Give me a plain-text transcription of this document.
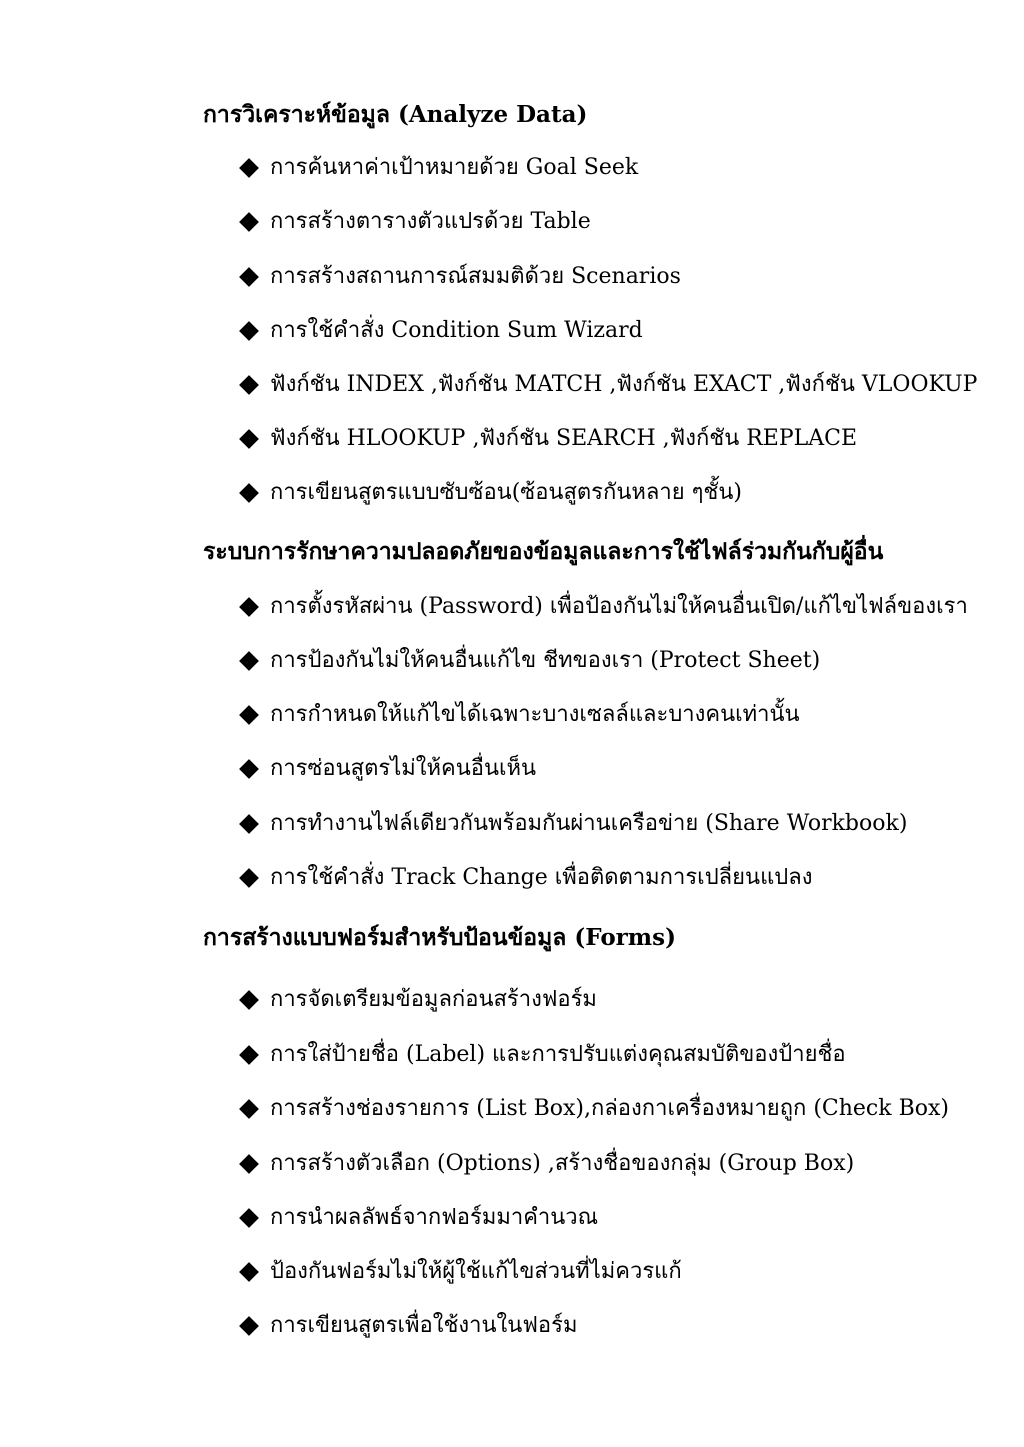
การวิเคราะห์ข้อมูล (Analyze Data)
การค้นหาค่าเป้าหมายด้วย Goal Seek
การสร้างตารางตัวแปรด้วย Table
การสร้างสถานการณ์สมมติด้วย Scenarios
การใช้คำสั่ง Condition Sum Wizard
ฟังก์ชัน INDEX ,ฟังก์ชัน MATCH ,ฟังก์ชัน EXACT ,ฟังก์ชัน VLOOKUP
ฟังก์ชัน HLOOKUP ,ฟังก์ชัน SEARCH ,ฟังก์ชัน REPLACE
การเขียนสูตรแบบซับซ้อน(ซ้อนสูตรกันหลาย ๆชั้น)
ระบบการรักษาความปลอดภัยของข้อมูลและการใช้ไฟล์ร่วมกันกับผู้อื่น
การตั้งรหัสผ่าน (Password) เพื่อป้องกันไม่ให้คนอื่นเปิด/แก้ไขไฟล์ของเรา
การป้องกันไม่ให้คนอื่นแก้ไข ชีทของเรา (Protect Sheet)
การกำหนดให้แก้ไขได้เฉพาะบางเซลล์และบางคนเท่านั้น
การซ่อนสูตรไม่ให้คนอื่นเห็น
การทำงานไฟล์เดียวกันพร้อมกันผ่านเครือข่าย (Share Workbook)
การใช้คำสั่ง Track Change เพื่อติดตามการเปลี่ยนแปลง
การสร้างแบบฟอร์มสำหรับป้อนข้อมูล (Forms)
การจัดเตรียมข้อมูลก่อนสร้างฟอร์ม
การใส่ป้ายชื่อ (Label) และการปรับแต่งคุณสมบัติของป้ายชื่อ
การสร้างช่องรายการ (List Box),กล่องกาเครื่องหมายถูก (Check Box)
การสร้างตัวเลือก (Options) ,สร้างชื่อของกลุ่ม (Group Box)
การนำผลลัพธ์จากฟอร์มมาคำนวณ
ป้องกันฟอร์มไม่ให้ผู้ใช้แก้ไขส่วนที่ไม่ควรแก้
การเขียนสูตรเพื่อใช้งานในฟอร์ม
